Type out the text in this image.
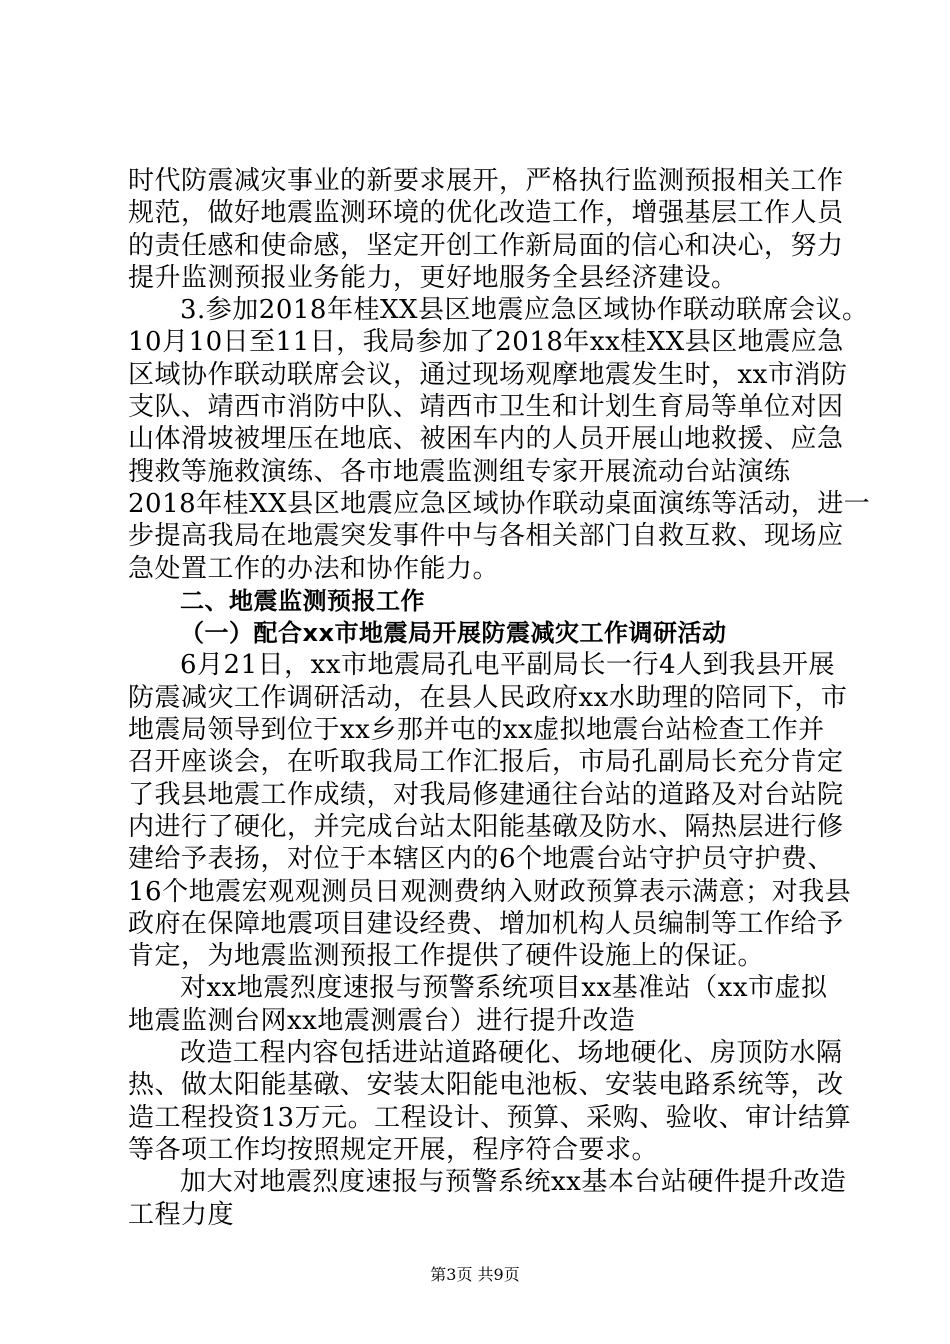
时代防震减灾事业的新要求展开，严格执行监测预报相关工作
规范，做好地震监测环境的优化改造工作，增强基层工作人员
的责任感和使命感，坚定开创工作新局面的信心和决心，努力
提升监测预报业务能力，更好地服务全县经济建设。
3.参加2018年桂XX县区地震应急区域协作联动联席会议。
10月10日至11日，我局参加了2018年xx桂XX县区地震应急
区域协作联动联席会议，通过现场观摩地震发生时，xx市消防
支队、靖西市消防中队、靖西市卫生和计划生育局等单位对因
山体滑坡被埋压在地底、被困车内的人员开展山地救援、应急
搜救等施救演练、各市地震监测组专家开展流动台站演练
2018年桂XX县区地震应急区域协作联动桌面演练等活动，进一
步提高我局在地震突发事件中与各相关部门自救互救、现场应
急处置工作的办法和协作能力。
二、地震监测预报工作
（一）配合xx市地震局开展防震减灾工作调研活动
6月21日，xx市地震局孔电平副局长一行4人到我县开展
防震减灾工作调研活动，在县人民政府xx水助理的陪同下，市
地震局领导到位于xx乡那并屯的xx虚拟地震台站检查工作并
召开座谈会，在听取我局工作汇报后，市局孔副局长充分肯定
了我县地震工作成绩，对我局修建通往台站的道路及对台站院
内进行了硬化，并完成台站太阳能基礅及防水、隔热层进行修
建给予表扬，对位于本辖区内的6个地震台站守护员守护费、
16个地震宏观观测员日观测费纳入财政预算表示满意；对我县
政府在保障地震项目建设经费、增加机构人员编制等工作给予
肯定，为地震监测预报工作提供了硬件设施上的保证。
对xx地震烈度速报与预警系统项目xx基准站（xx市虚拟
地震监测台网xx地震测震台）进行提升改造
改造工程内容包括进站道路硬化、场地硬化、房顶防水隔
热、做太阳能基礅、安装太阳能电池板、安装电路系统等，改
造工程投资13万元。工程设计、预算、采购、验收、审计结算
等各项工作均按照规定开展，程序符合要求。
加大对地震烈度速报与预警系统xx基本台站硬件提升改造
工程力度
第3页 共9页
